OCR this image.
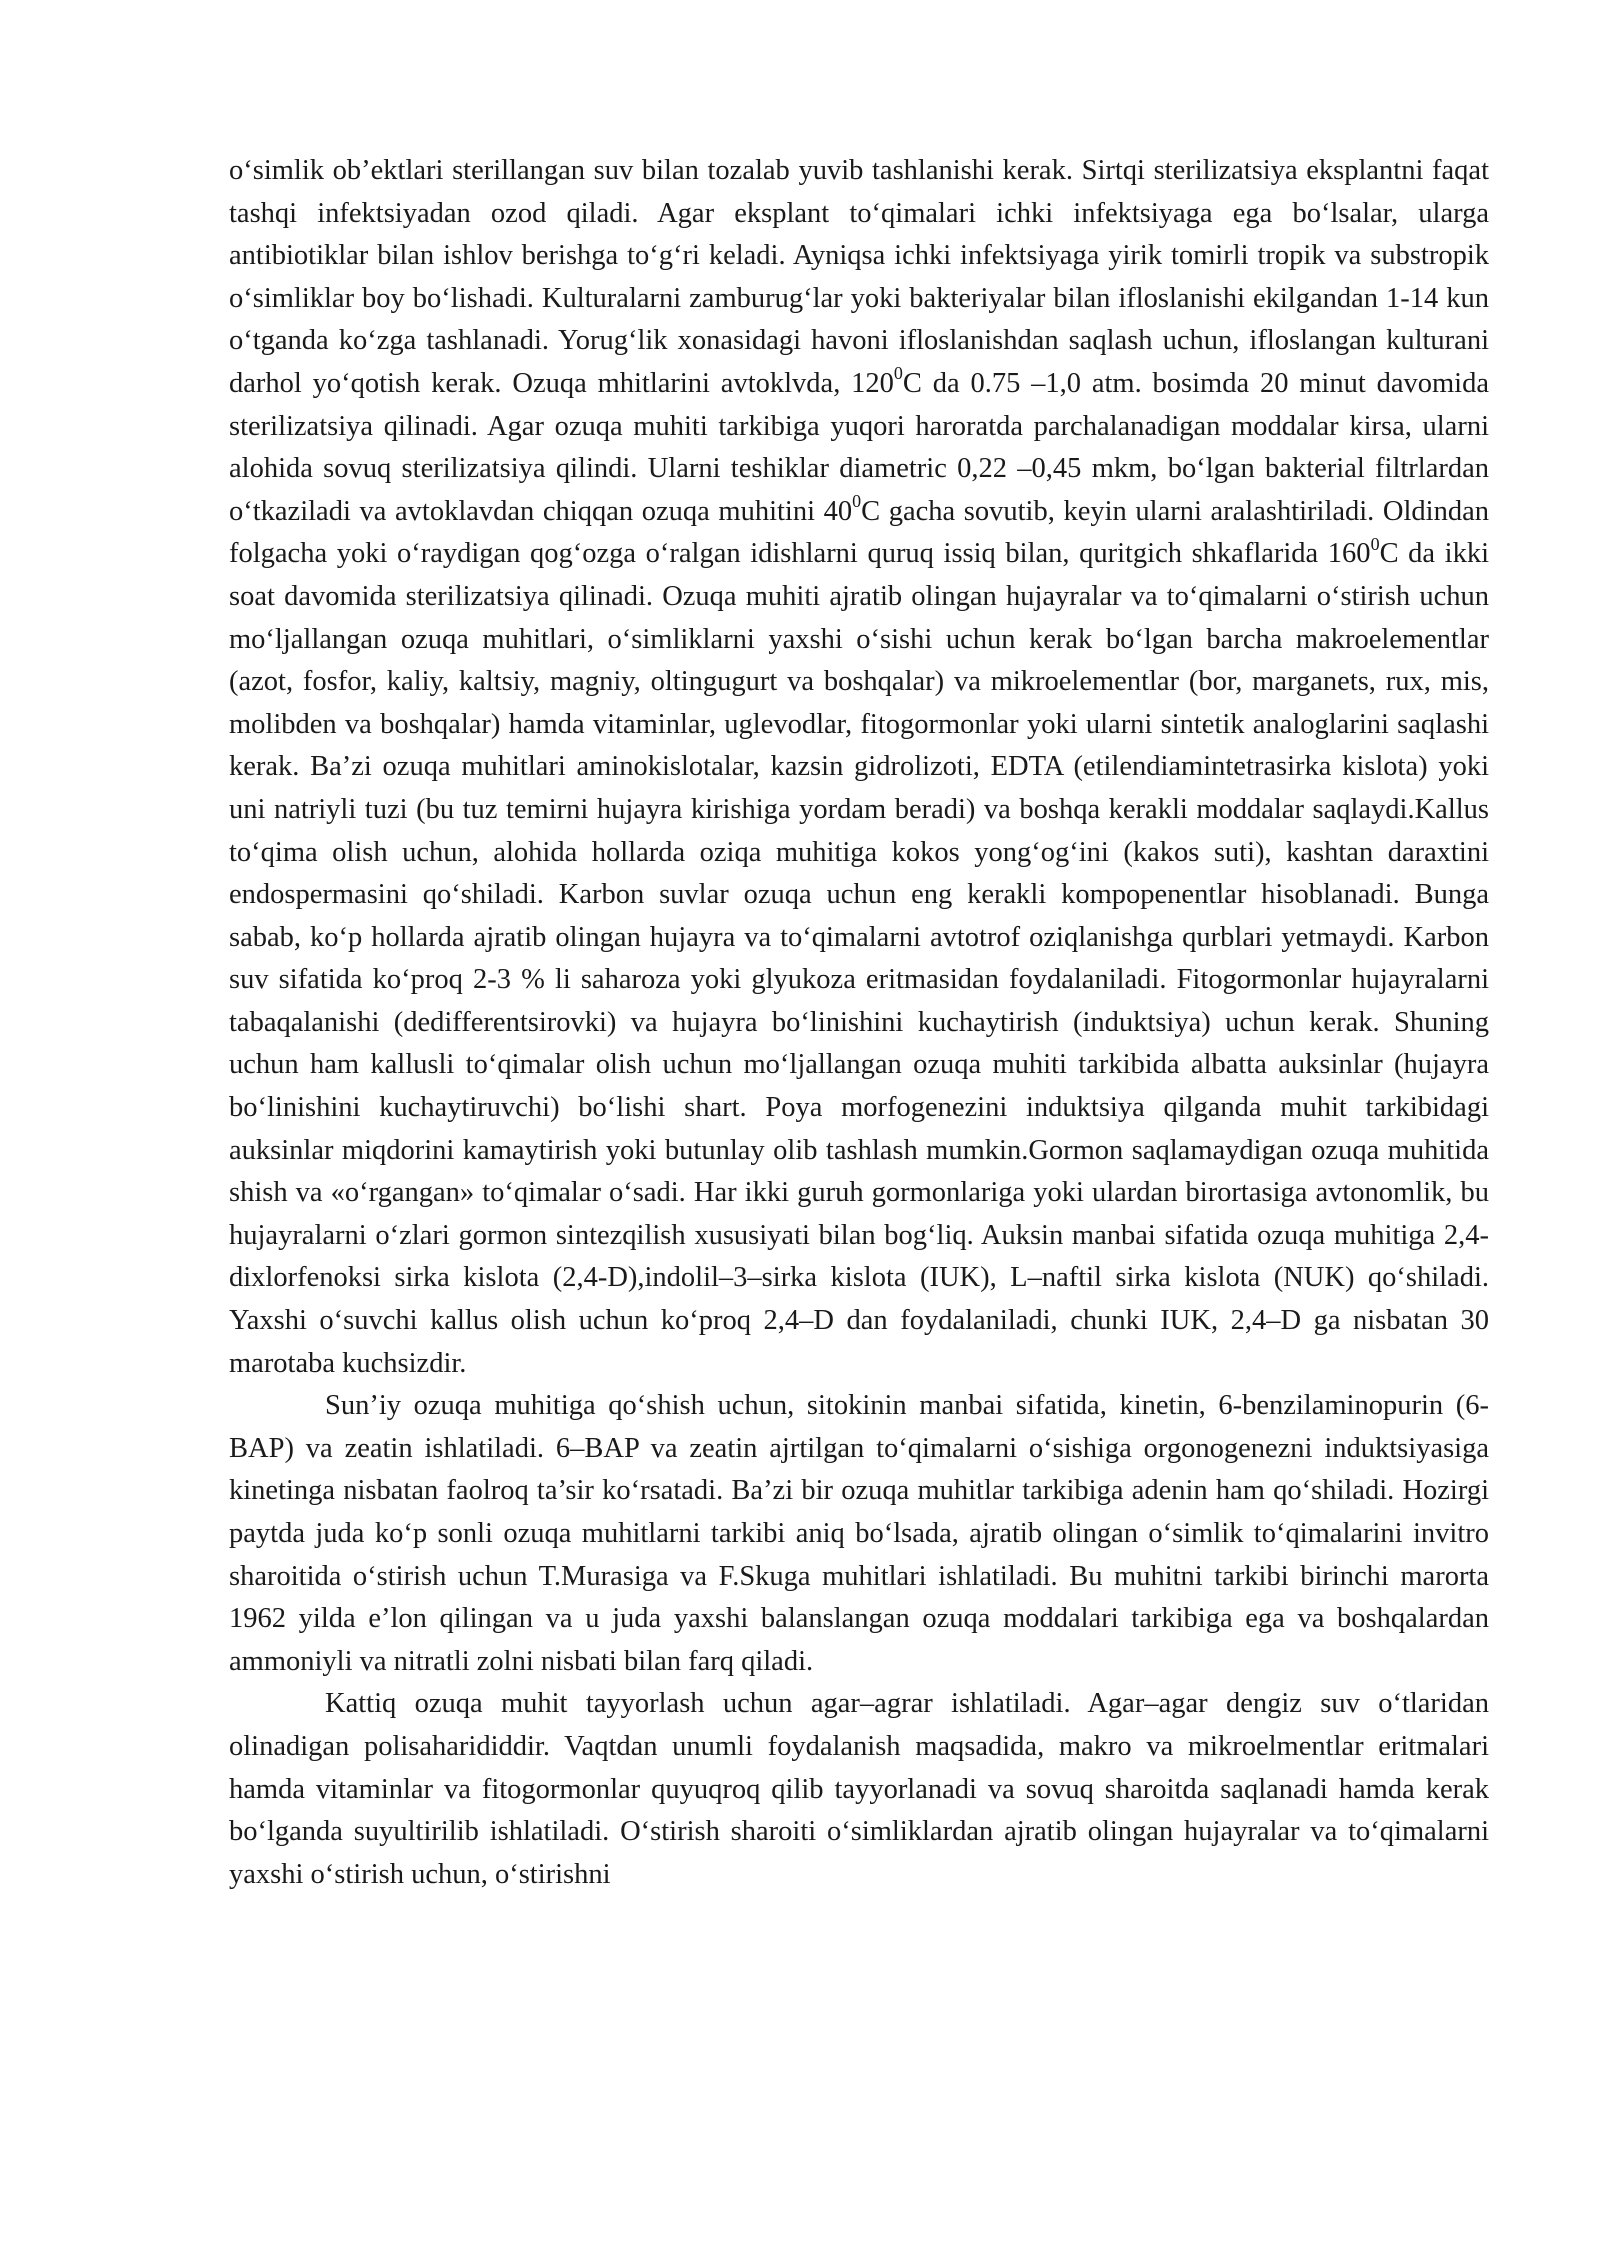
o‘simlik ob’ektlari sterillangan suv bilan tozalab yuvib tashlanishi kerak. Sirtqi sterilizatsiya eksplantni faqat tashqi infektsiyadan ozod qiladi. Agar eksplant to‘qimalari ichki infektsiyaga ega bo‘lsalar, ularga antibiotiklar bilan ishlov berishga to‘g‘ri keladi. Ayniqsa ichki infektsiyaga yirik tomirli tropik va substropik o‘simliklar boy bo‘lishadi. Kulturalarni zamburug‘lar yoki bakteriyalar bilan ifloslanishi ekilgandan 1-14 kun o‘tganda ko‘zga tashlanadi. Yorug‘lik xonasidagi havoni ifloslanishdan saqlash uchun, ifloslangan kulturani darhol yo‘qotish kerak. Ozuqa mhitlarini avtoklvda, $120^0C$ da 0.75 –1,0 atm. bosimda 20 minut davomida sterilizatsiya qilinadi. Agar ozuqa muhiti tarkibiga yuqori haroratda parchalanadigan moddalar kirsa, ularni alohida sovuq sterilizatsiya qilindi. Ularni teshiklar diametric 0,22 –0,45 mkm, bo‘lgan bakterial filtrlardan o‘tkaziladi va avtoklavdan chiqqan ozuqa muhitini $40^0C$ gacha sovutib, keyin ularni aralashtiriladi. Oldindan folgacha yoki o‘raydigan qog‘ozga o‘ralgan idishlarni quruq issiq bilan, quritgich shkaflarida $160^0C$ da ikki soat davomida sterilizatsiya qilinadi. Ozuqa muhiti ajratib olingan hujayralar va to‘qimalarni o‘stirish uchun mo‘ljallangan ozuqa muhitlari, o‘simliklarni yaxshi o‘sishi uchun kerak bo‘lgan barcha makroelementlar (azot, fosfor, kaliy, kaltsiy, magniy, oltingugurt va boshqalar) va mikroelementlar (bor, marganets, rux, mis, molibden va boshqalar) hamda vitaminlar, uglevodlar, fitogormonlar yoki ularni sintetik analoglarini saqlashi kerak. Ba’zi ozuqa muhitlari aminokislotalar, kazsin gidrolizoti, EDTA (etilendiamintetrasirka kislota) yoki uni natriyli tuzi (bu tuz temirni hujayra kirishiga yordam beradi) va boshqa kerakli moddalar saqlaydi.Kallus to‘qima olish uchun, alohida hollarda oziqa muhitiga kokos yong‘og‘ini (kakos suti), kashtan daraxtini endospermasini qo‘shiladi. Karbon suvlar ozuqa uchun eng kerakli kompopenentlar hisoblanadi. Bunga sabab, ko‘p hollarda ajratib olingan hujayra va to‘qimalarni avtotrof oziqlanishga qurblari yetmaydi. Karbon suv sifatida ko‘proq 2-3 % li saharoza yoki glyukoza eritmasidan foydalaniladi. Fitogormonlar hujayralarni tabaqalanishi (dedifferentsirovki) va hujayra bo‘linishini kuchaytirish (induktsiya) uchun kerak. Shuning uchun ham kallusli to‘qimalar olish uchun mo‘ljallangan ozuqa muhiti tarkibida albatta auksinlar (hujayra bo‘linishini kuchaytiruvchi) bo‘lishi shart. Poya morfogenezini induktsiya qilganda muhit tarkibidagi auksinlar miqdorini kamaytirish yoki butunlay olib tashlash mumkin.Gormon saqlamaydigan ozuqa muhitida shish va «o‘rgangan» to‘qimalar o‘sadi. Har ikki guruh gormonlariga yoki ulardan birortasiga avtonomlik, bu hujayralarni o‘zlari gormon sintezqilish xususiyati bilan bog‘liq. Auksin manbai sifatida ozuqa muhitiga 2,4-dixlorfenoksi sirka kislota (2,4-D),indolil–3–sirka kislota (IUK), L–naftil sirka kislota (NUK) qo‘shiladi. Yaxshi o‘suvchi kallus olish uchun ko‘proq 2,4–D dan foydalaniladi, chunki IUK, 2,4–D ga nisbatan 30 marotaba kuchsizdir.

Sun’iy ozuqa muhitiga qo‘shish uchun, sitokinin manbai sifatida, kinetin, 6-benzilaminopurin (6-BAP) va zeatin ishlatiladi. 6–BAP va zeatin ajrtilgan to‘qimalarni o‘sishiga orgonogenezni induktsiyasiga kinetinga nisbatan faolroq ta’sir ko‘rsatadi. Ba’zi bir ozuqa muhitlar tarkibiga adenin ham qo‘shiladi. Hozirgi paytda juda ko‘p sonli ozuqa muhitlarni tarkibi aniq bo‘lsada, ajratib olingan o‘simlik to‘qimalarini invitro sharoitida o‘stirish uchun T.Murasiga va F.Skuga muhitlari ishlatiladi. Bu muhitni tarkibi birinchi marorta 1962 yilda e’lon qilingan va u juda yaxshi balanslangan ozuqa moddalari tarkibiga ega va boshqalardan ammoniyli va nitratli zolni nisbati bilan farq qiladi.

Kattiq ozuqa muhit tayyorlash uchun agar–agrar ishlatiladi. Agar–agar dengiz suv o‘tlaridan olinadigan polisaharididdir. Vaqtdan unumli foydalanish maqsadida, makro va mikroelmentlar eritmalari hamda vitaminlar va fitogormonlar quyuqroq qilib tayyorlanadi va sovuq sharoitda saqlanadi hamda kerak bo‘lganda suyultirilib ishlatiladi. O‘stirish sharoiti o‘simliklardan ajratib olingan hujayralar va to‘qimalarni yaxshi o‘stirish uchun, o‘stirishni
